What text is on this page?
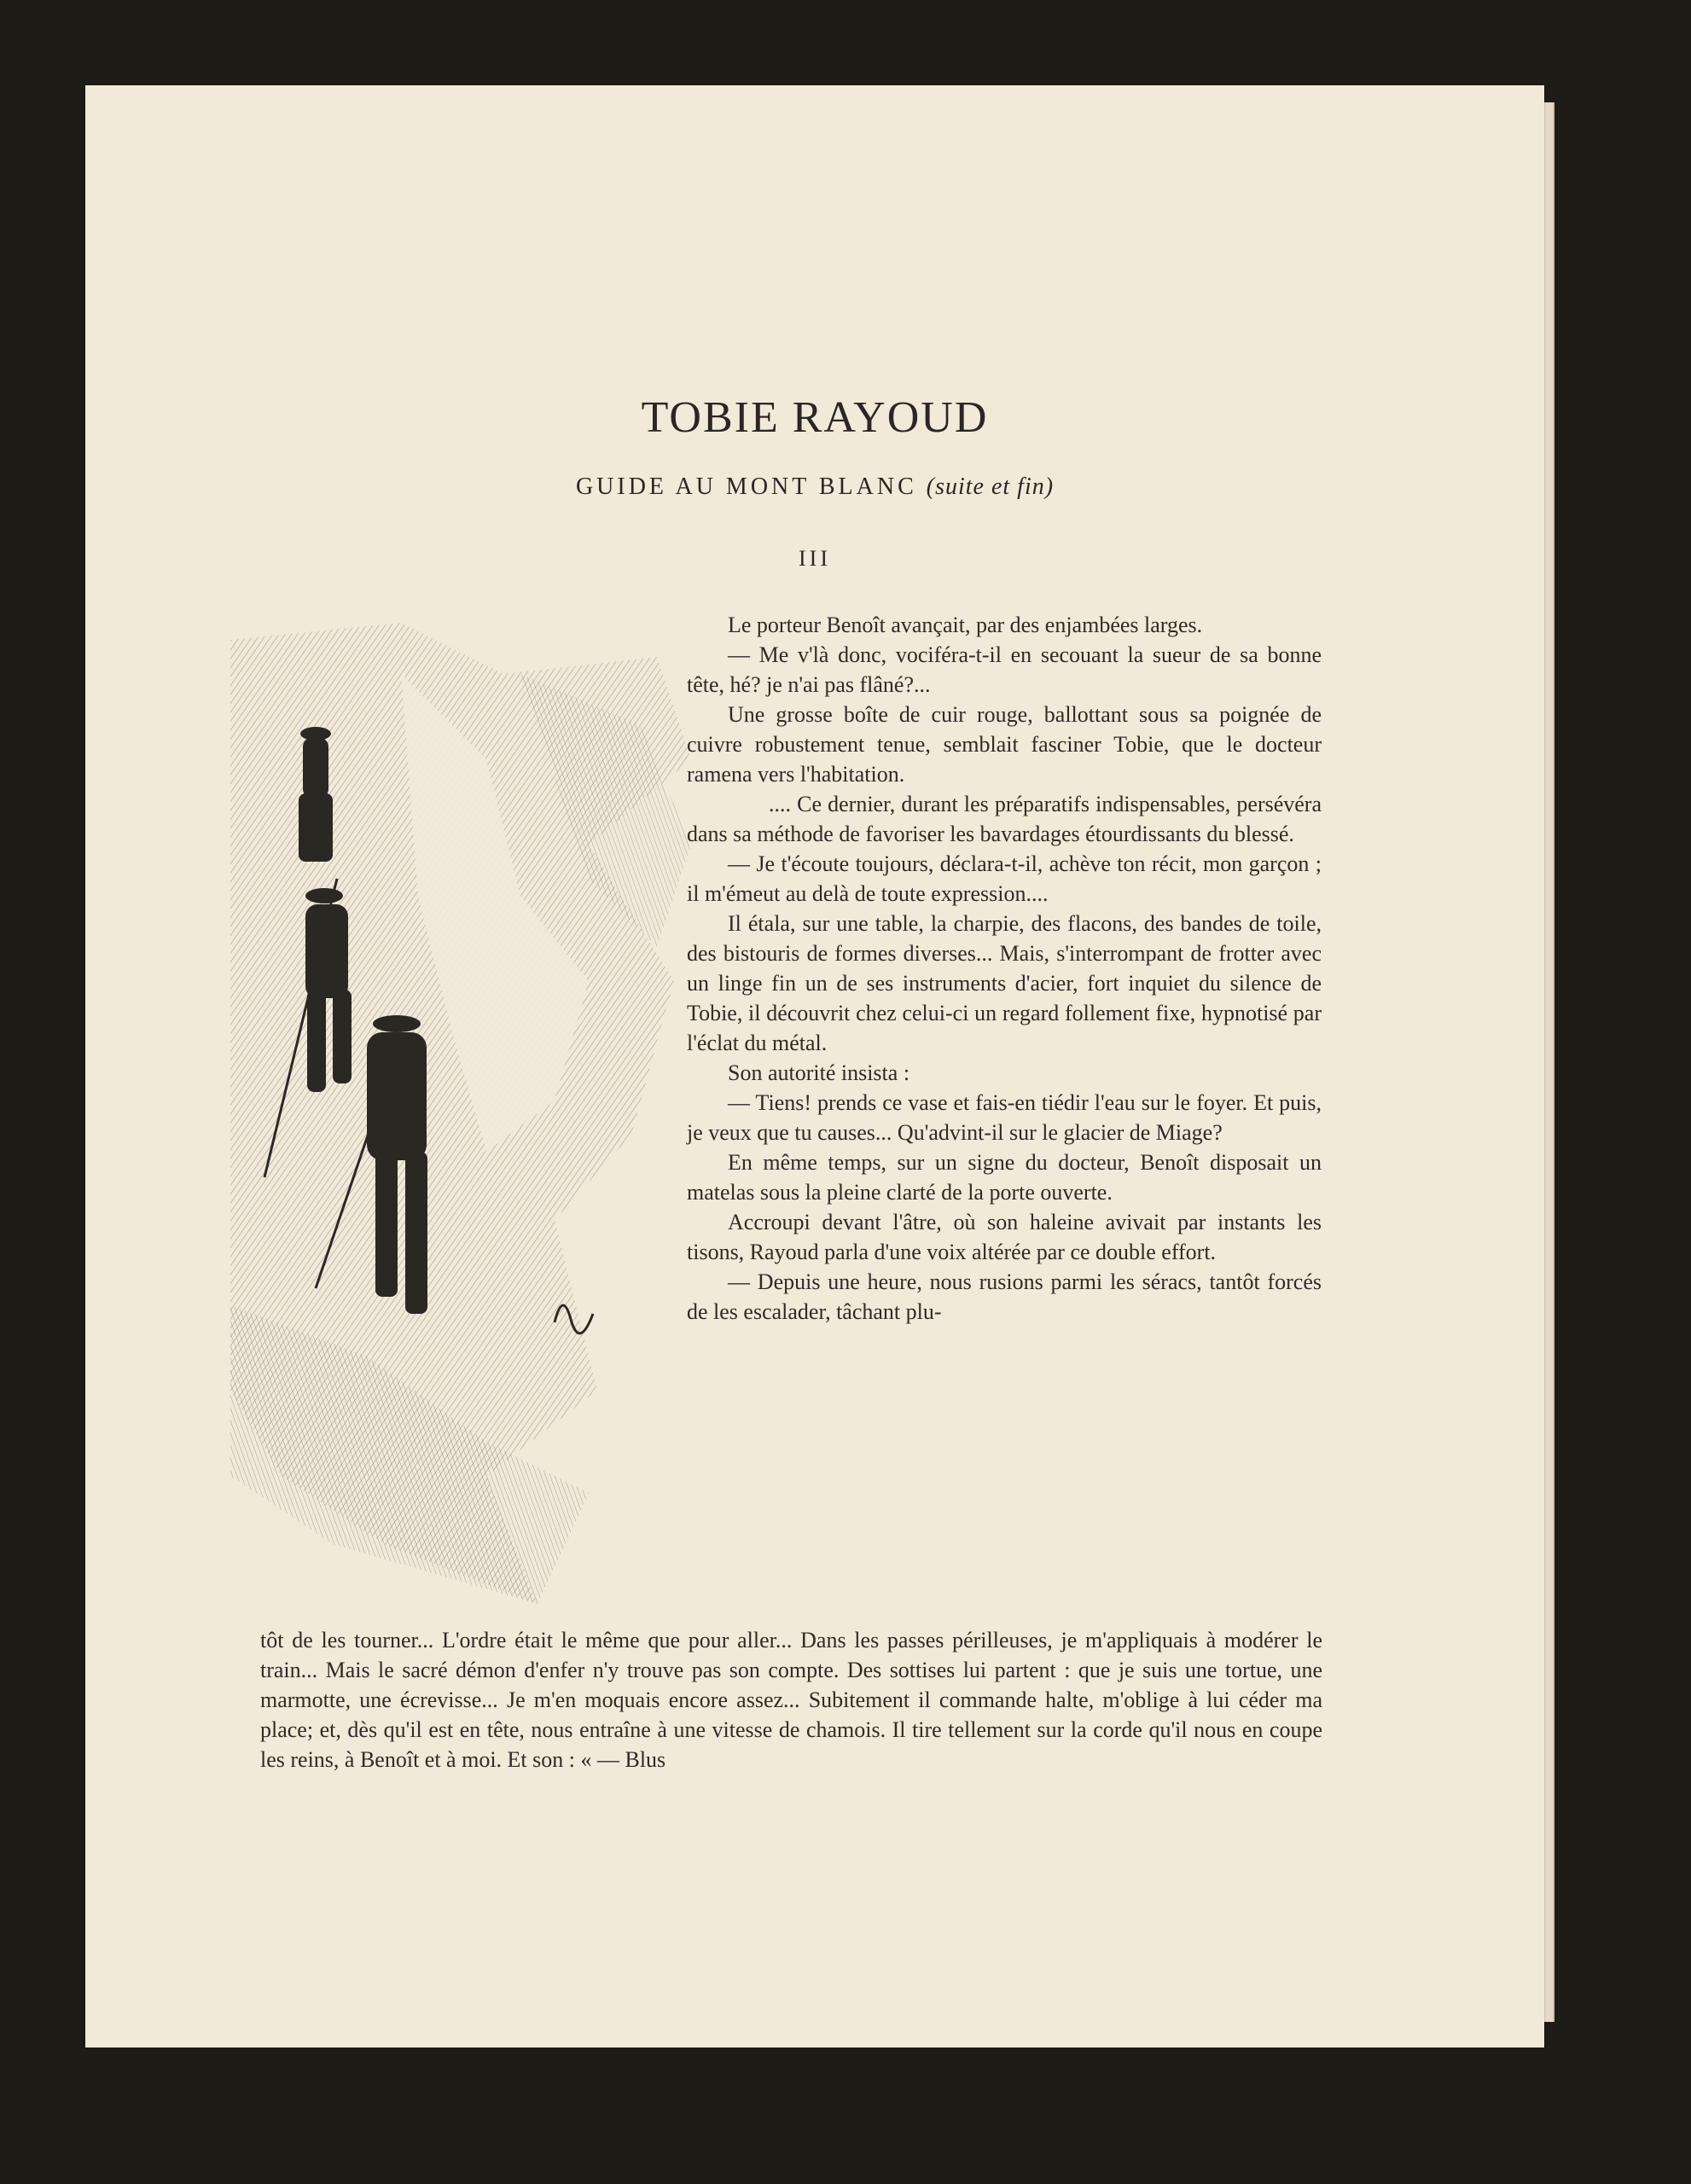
TOBIE RAYOUD
GUIDE AU MONT BLANC (suite et fin)
III

Le porteur Benoît avançait, par des enjambées larges.

— Me v'là donc, vociféra-t-il en secouant la sueur de sa bonne tête, hé? je n'ai pas flâné?...

Une grosse boîte de cuir rouge, ballottant sous sa poignée de cuivre robustement tenue, semblait fasciner Tobie, que le docteur ramena vers l'habitation.

.... Ce dernier, durant les préparatifs indispensables, persévéra dans sa méthode de favoriser les bavardages étourdissants du blessé.

— Je t'écoute toujours, déclara-t-il, achève ton récit, mon garçon ; il m'émeut au delà de toute expression....

Il étala, sur une table, la charpie, des flacons, des bandes de toile, des bistouris de formes diverses... Mais, s'interrompant de frotter avec un linge fin un de ses instruments d'acier, fort inquiet du silence de Tobie, il découvrit chez celui-ci un regard follement fixe, hypnotisé par l'éclat du métal.

Son autorité insista :

— Tiens! prends ce vase et fais-en tiédir l'eau sur le foyer. Et puis, je veux que tu causes... Qu'advint-il sur le glacier de Miage?

En même temps, sur un signe du docteur, Benoît disposait un matelas sous la pleine clarté de la porte ouverte.

Accroupi devant l'âtre, où son haleine avivait par instants les tisons, Rayoud parla d'une voix altérée par ce double effort.

— Depuis une heure, nous rusions parmi les séracs, tantôt forcés de les escalader, tâchant plu-

tôt de les tourner... L'ordre était le même que pour aller... Dans les passes périlleuses, je m'appliquais à modérer le train... Mais le sacré démon d'enfer n'y trouve pas son compte. Des sottises lui partent : que je suis une tortue, une marmotte, une écrevisse... Je m'en moquais encore assez... Subitement il commande halte, m'oblige à lui céder ma place; et, dès qu'il est en tête, nous entraîne à une vitesse de chamois. Il tire tellement sur la corde qu'il nous en coupe les reins, à Benoît et à moi. Et son : « — Blus
